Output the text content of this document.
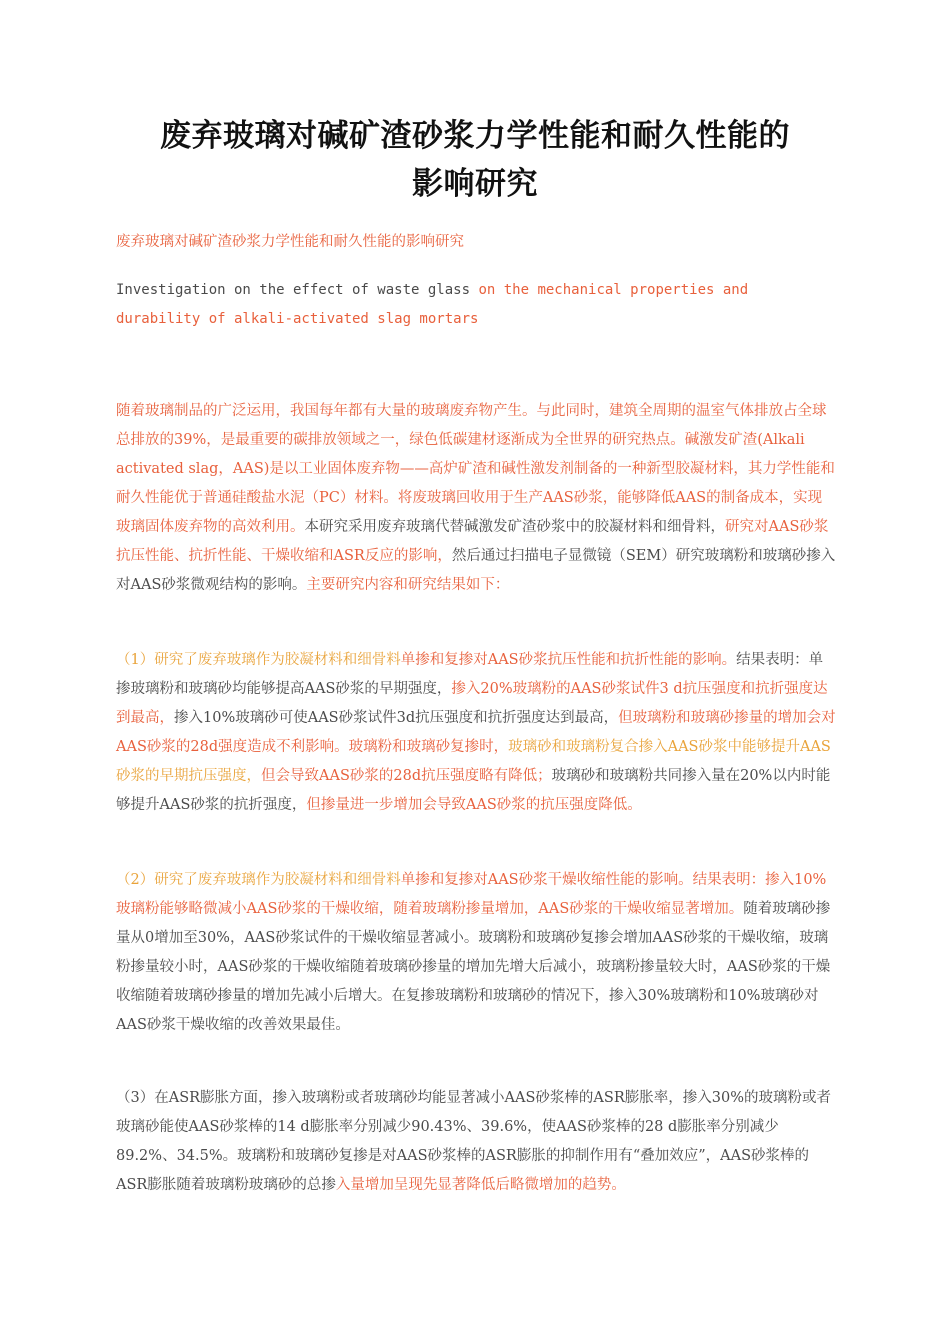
废弃玻璃对碱矿渣砂浆力学性能和耐久性能的
影响研究

废弃玻璃对碱矿渣砂浆力学性能和耐久性能的影响研究

Investigation on the effect of waste glass on the mechanical properties and durability of alkali-activated slag mortars

随着玻璃制品的广泛运用，我国每年都有大量的玻璃废弃物产生。与此同时，建筑全周期的温室气体排放占全球总排放的39%，是最重要的碳排放领域之一，绿色低碳建材逐渐成为全世界的研究热点。碱激发矿渣(Alkali activated slag，AAS)是以工业固体废弃物——高炉矿渣和碱性激发剂制备的一种新型胶凝材料，其力学性能和耐久性能优于普通硅酸盐水泥（PC）材料。将废玻璃回收用于生产AAS砂浆，能够降低AAS的制备成本，实现玻璃固体废弃物的高效利用。本研究采用废弃玻璃代替碱激发矿渣砂浆中的胶凝材料和细骨料，研究对AAS砂浆抗压性能、抗折性能、干燥收缩和ASR反应的影响，然后通过扫描电子显微镜（SEM）研究玻璃粉和玻璃砂掺入对AAS砂浆微观结构的影响。主要研究内容和研究结果如下：

（1）研究了废弃玻璃作为胶凝材料和细骨料单掺和复掺对AAS砂浆抗压性能和抗折性能的影响。结果表明：单掺玻璃粉和玻璃砂均能够提高AAS砂浆的早期强度，掺入20%玻璃粉的AAS砂浆试件3 d抗压强度和抗折强度达到最高，掺入10%玻璃砂可使AAS砂浆试件3d抗压强度和抗折强度达到最高，但玻璃粉和玻璃砂掺量的增加会对AAS砂浆的28d强度造成不利影响。玻璃粉和玻璃砂复掺时，玻璃砂和玻璃粉复合掺入AAS砂浆中能够提升AAS砂浆的早期抗压强度，但会导致AAS砂浆的28d抗压强度略有降低；玻璃砂和玻璃粉共同掺入量在20%以内时能够提升AAS砂浆的抗折强度，但掺量进一步增加会导致AAS砂浆的抗压强度降低。

（2）研究了废弃玻璃作为胶凝材料和细骨料单掺和复掺对AAS砂浆干燥收缩性能的影响。结果表明：掺入10%玻璃粉能够略微减小AAS砂浆的干燥收缩，随着玻璃粉掺量增加，AAS砂浆的干燥收缩显著增加。随着玻璃砂掺量从0增加至30%，AAS砂浆试件的干燥收缩显著减小。玻璃粉和玻璃砂复掺会增加AAS砂浆的干燥收缩，玻璃粉掺量较小时，AAS砂浆的干燥收缩随着玻璃砂掺量的增加先增大后减小，玻璃粉掺量较大时，AAS砂浆的干燥收缩随着玻璃砂掺量的增加先减小后增大。在复掺玻璃粉和玻璃砂的情况下，掺入30%玻璃粉和10%玻璃砂对AAS砂浆干燥收缩的改善效果最佳。

（3）在ASR膨胀方面，掺入玻璃粉或者玻璃砂均能显著减小AAS砂浆棒的ASR膨胀率，掺入30%的玻璃粉或者玻璃砂能使AAS砂浆棒的14 d膨胀率分别减少90.43%、39.6%，使AAS砂浆棒的28 d膨胀率分别减少89.2%、34.5%。玻璃粉和玻璃砂复掺是对AAS砂浆棒的ASR膨胀的抑制作用有“叠加效应”，AAS砂浆棒的ASR膨胀随着玻璃粉玻璃砂的总掺入量增加呈现先显著降低后略微增加的趋势。
